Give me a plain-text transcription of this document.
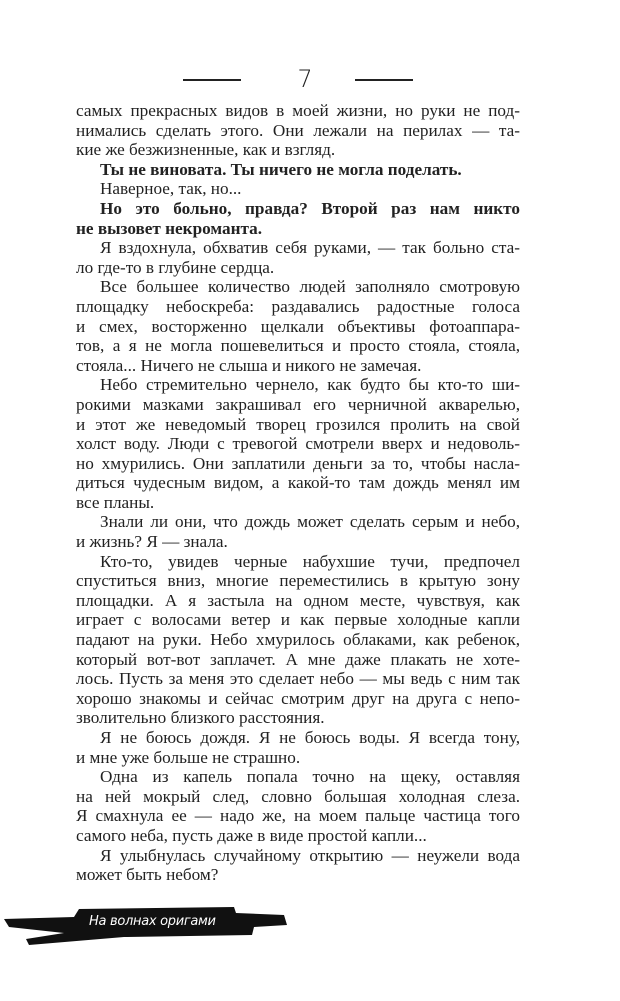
7
самых прекрасных видов в моей жизни, но руки не под-
нимались сделать этого. Они лежали на перилах — та-
кие же безжизненные, как и взгляд.
Ты не виновата. Ты ничего не могла поделать.
Наверное, так, но...
Но это больно, правда? Второй раз нам никто
не вызовет некроманта.
Я вздохнула, обхватив себя руками, — так больно ста-
ло где-то в глубине сердца.
Все большее количество людей заполняло смотровую
площадку небоскреба: раздавались радостные голоса
и смех, восторженно щелкали объективы фотоаппара-
тов, а я не могла пошевелиться и просто стояла, стояла,
стояла... Ничего не слыша и никого не замечая.
Небо стремительно чернело, как будто бы кто-то ши-
рокими мазками закрашивал его черничной акварелью,
и этот же неведомый творец грозился пролить на свой
холст воду. Люди с тревогой смотрели вверх и недоволь-
но хмурились. Они заплатили деньги за то, чтобы насла-
диться чудесным видом, а какой-то там дождь менял им
все планы.
Знали ли они, что дождь может сделать серым и небо,
и жизнь? Я — знала.
Кто-то, увидев черные набухшие тучи, предпочел
спуститься вниз, многие переместились в крытую зону
площадки. А я застыла на одном месте, чувствуя, как
играет с волосами ветер и как первые холодные капли
падают на руки. Небо хмурилось облаками, как ребенок,
который вот-вот заплачет. А мне даже плакать не хоте-
лось. Пусть за меня это сделает небо — мы ведь с ним так
хорошо знакомы и сейчас смотрим друг на друга с непо-
зволительно близкого расстояния.
Я не боюсь дождя. Я не боюсь воды. Я всегда тону,
и мне уже больше не страшно.
Одна из капель попала точно на щеку, оставляя
на ней мокрый след, словно большая холодная слеза.
Я смахнула ее — надо же, на моем пальце частица того
самого неба, пусть даже в виде простой капли...
Я улыбнулась случайному открытию — неужели вода
может быть небом?
На волнах оригами
